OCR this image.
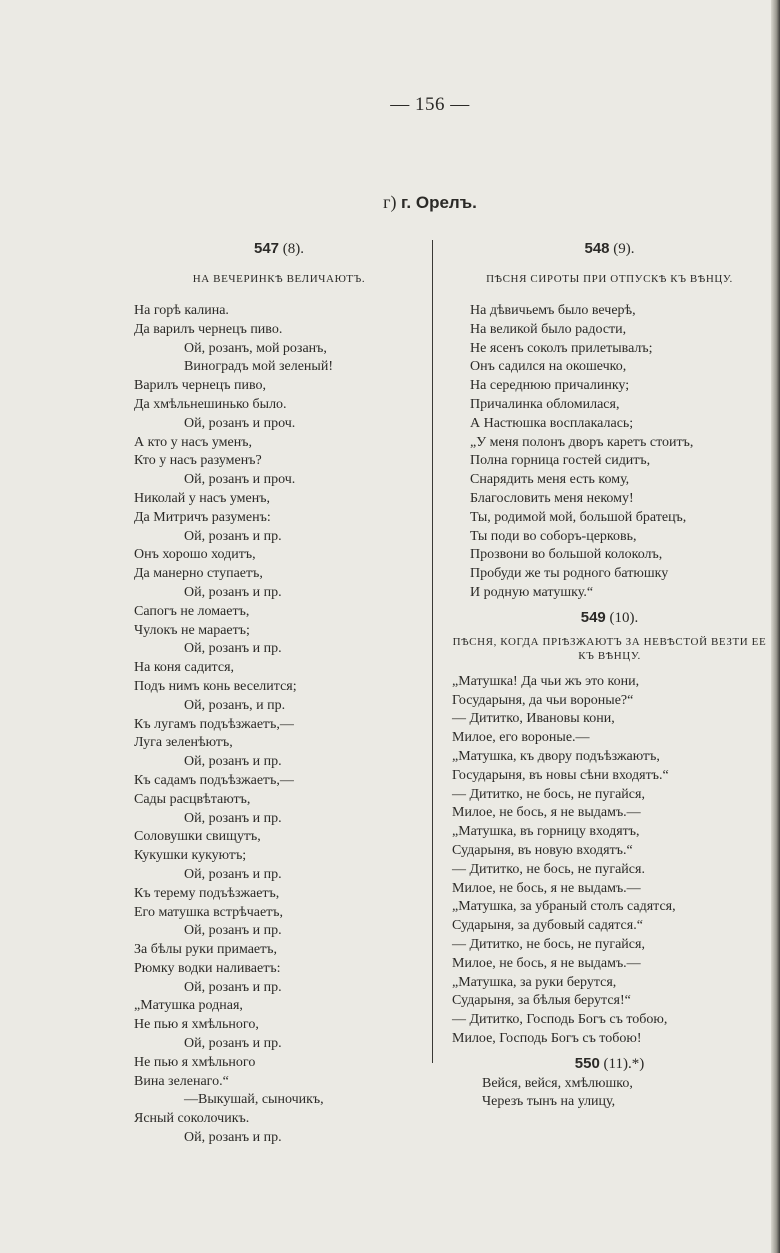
— 156 —
г) г. Орелъ.

547 (8).

НА ВЕЧЕРИНКѢ ВЕЛИЧАЮТЪ.

На горѣ калина.
Да варилъ чернецъ пиво.
Ой, розанъ, мой розанъ,
Виноградъ мой зеленый!
Варилъ чернецъ пиво,
Да хмѣльнешинько было.
Ой, розанъ и проч.
А кто у насъ уменъ,
Кто у насъ разуменъ?
Ой, розанъ и проч.
Николай у насъ уменъ,
Да Митричъ разуменъ:
Ой, розанъ и пр.
Онъ хорошо ходитъ,
Да манерно ступаетъ,
Ой, розанъ и пр.
Сапогъ не ломаетъ,
Чулокъ не мараетъ;
Ой, розанъ и пр.
На коня садится,
Подъ нимъ конь веселится;
Ой, розанъ, и пр.
Къ лугамъ подъѣзжаетъ,—
Луга зеленѣютъ,
Ой, розанъ и пр.
Къ садамъ подъѣзжаетъ,—
Сады расцвѣтаютъ,
Ой, розанъ и пр.
Соловушки свищутъ,
Кукушки кукуютъ;
Ой, розанъ и пр.
Къ терему подъѣзжаетъ,
Его матушка встрѣчаетъ,
Ой, розанъ и пр.
За бѣлы руки примаетъ,
Рюмку водки наливаетъ:
Ой, розанъ и пр.
„Матушка родная,
Не пью я хмѣльного,
Ой, розанъ и пр.
Не пью я хмѣльного
Вина зеленаго.“
—Выкушай, сыночикъ,
Ясный соколочикъ.
Ой, розанъ и пр.

548 (9).

ПѢСНЯ СИРОТЫ ПРИ ОТПУСКѢ КЪ ВѢНЦУ.

На дѣвичьемъ было вечерѣ,
На великой было радости,
Не ясенъ соколъ прилетывалъ;
Онъ садился на окошечко,
На середнюю причалинку;
Причалинка обломилася,
А Настюшка восплакалась;
„У меня полонъ дворъ каретъ стоитъ,
Полна горница гостей сидитъ,
Снарядить меня есть кому,
Благословить меня некому!
Ты, родимой мой, большой братецъ,
Ты поди во соборъ-церковь,
Прозвони во большой колоколъ,
Пробуди же ты родного батюшку
И родную матушку.“

549 (10).

ПѢСНЯ, КОГДА ПРІѢЗЖАЮТЪ ЗА НЕВѢСТОЙ ВЕЗТИ ЕЕ КЪ ВѢНЦУ.

„Матушка! Да чьи жъ это кони,
Государыня, да чьи вороные?“
— Дититко, Ивановы кони,
Милое, его вороные.—
„Матушка, къ двору подъѣзжаютъ,
Государыня, въ новы сѣни входятъ.“
— Дититко, не бось, не пугайся,
Милое, не бось, я не выдамъ.—
„Матушка, въ горницу входятъ,
Сударыня, въ новую входятъ.“
— Дититко, не бось, не пугайся.
Милое, не бось, я не выдамъ.—
„Матушка, за убраный столъ садятся,
Сударыня, за дубовый садятся.“
— Дититко, не бось, не пугайся,
Милое, не бось, я не выдамъ.—
„Матушка, за руки берутся,
Сударыня, за бѣлыя берутся!“
— Дититко, Господь Богъ съ тобою,
Милое, Господь Богъ съ тобою!

550 (11).*)

Вейся, вейся, хмѣлюшко,
Черезъ тынъ на улицу,
